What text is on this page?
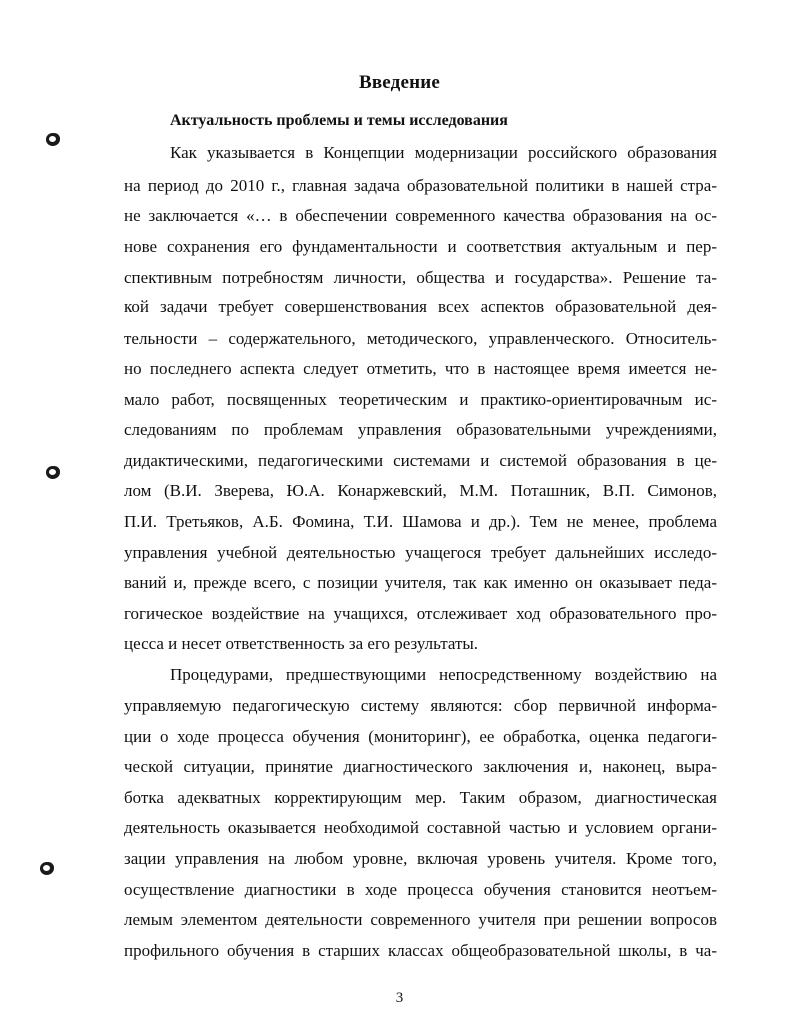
Введение
Актуальность проблемы и темы исследования
Как указывается в Концепции модернизации российского образования
на период до 2010 г., главная задача образовательной политики в нашей стра-
не заключается «… в обеспечении современного качества образования на ос-
нове сохранения его фундаментальности и соответствия актуальным и пер-
спективным потребностям личности, общества и государства». Решение та-
кой задачи требует совершенствования всех аспектов образовательной дея-
тельности – содержательного, методического, управленческого. Относитель-
но последнего аспекта следует отметить, что в настоящее время имеется не-
мало работ, посвященных теоретическим и практико-ориентировачным ис-
следованиям по проблемам управления образовательными учреждениями,
дидактическими, педагогическими системами и системой образования в це-
лом (В.И. Зверева, Ю.А. Конаржевский, М.М. Поташник, В.П. Симонов,
П.И. Третьяков, А.Б. Фомина, Т.И. Шамова и др.). Тем не менее, проблема
управления учебной деятельностью учащегося требует дальнейших исследо-
ваний и, прежде всего, с позиции учителя, так как именно он оказывает педа-
гогическое воздействие на учащихся, отслеживает ход образовательного про-
цесса и несет ответственность за его результаты.
Процедурами, предшествующими непосредственному воздействию на
управляемую педагогическую систему являются: сбор первичной информа-
ции о ходе процесса обучения (мониторинг), ее обработка, оценка педагоги-
ческой ситуации, принятие диагностического заключения и, наконец, выра-
ботка адекватных корректирующим мер. Таким образом, диагностическая
деятельность оказывается необходимой составной частью и условием органи-
зации управления на любом уровне, включая уровень учителя. Кроме того,
осуществление диагностики в ходе процесса обучения становится неотъем-
лемым элементом деятельности современного учителя при решении вопросов
профильного обучения в старших классах общеобразовательной школы, в ча-
3
